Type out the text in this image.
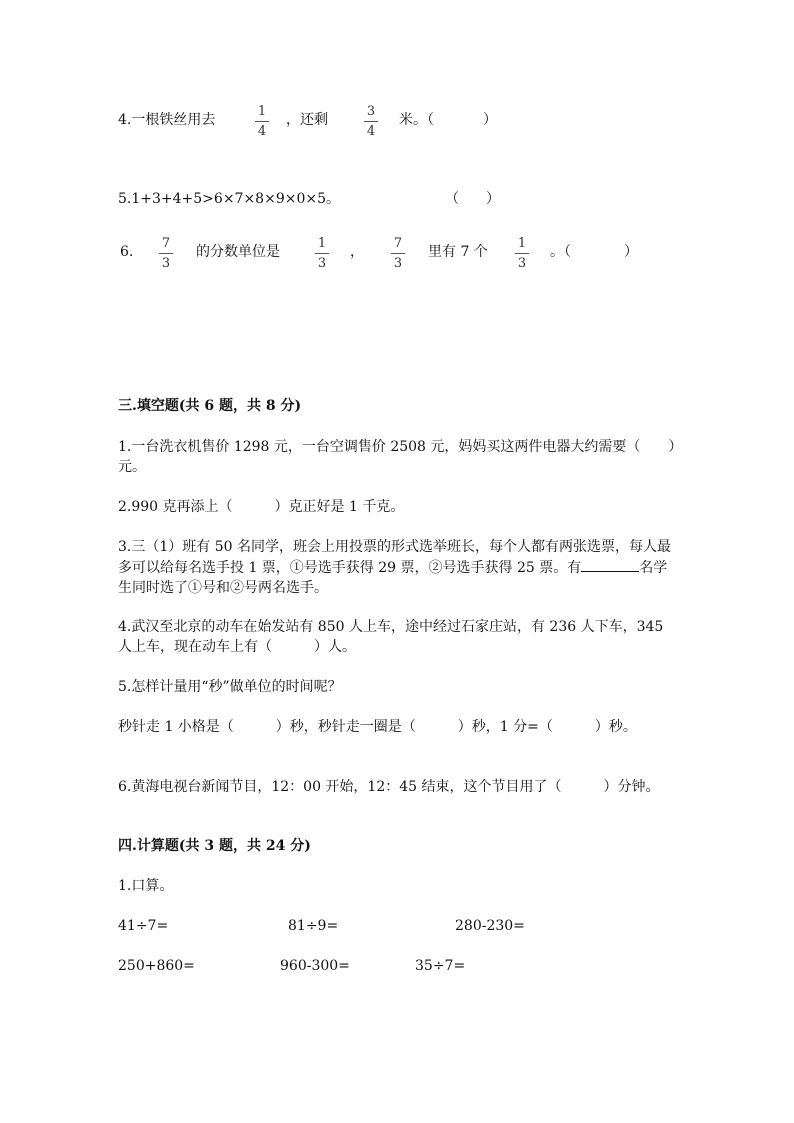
4.一根铁丝用去
1
4
，还剩
3
4
米。（	）
5.1+3+4+5>6×7×8×9×0×5。	（ ）
6.
7
3
的分数单位是
1
3
，
7
3
里有 7 个
1
3
。（	）
三.填空题(共 6 题，共 8 分)
1.一台洗衣机售价 1298 元，一台空调售价 2508 元，妈妈买这两件电器大约需要（　　）元。
2.990 克再添上（　　　）克正好是 1 千克。
3.三（1）班有 50 名同学，班会上用投票的形式选举班长，每个人都有两张选票，每人最多可以给每名选手投 1 票，①号选手获得 29 票，②号选手获得 25 票。有	名学生同时选了①号和②号两名选手。
4.武汉至北京的动车在始发站有 850 人上车，途中经过石家庄站，有 236 人下车，345 人上车，现在动车上有（　　　）人。
5.怎样计量用“秒”做单位的时间呢？
秒针走 1 小格是（　　　）秒，秒针走一圈是（　　　）秒，1 分=（　　　）秒。
6.黄海电视台新闻节目，12：00 开始，12：45 结束，这个节目用了（　　　）分钟。
四.计算题(共 3 题，共 24 分)
1.口算。
41÷7=	81÷9=	280-230=
250+860=	960-300=	35÷7=
